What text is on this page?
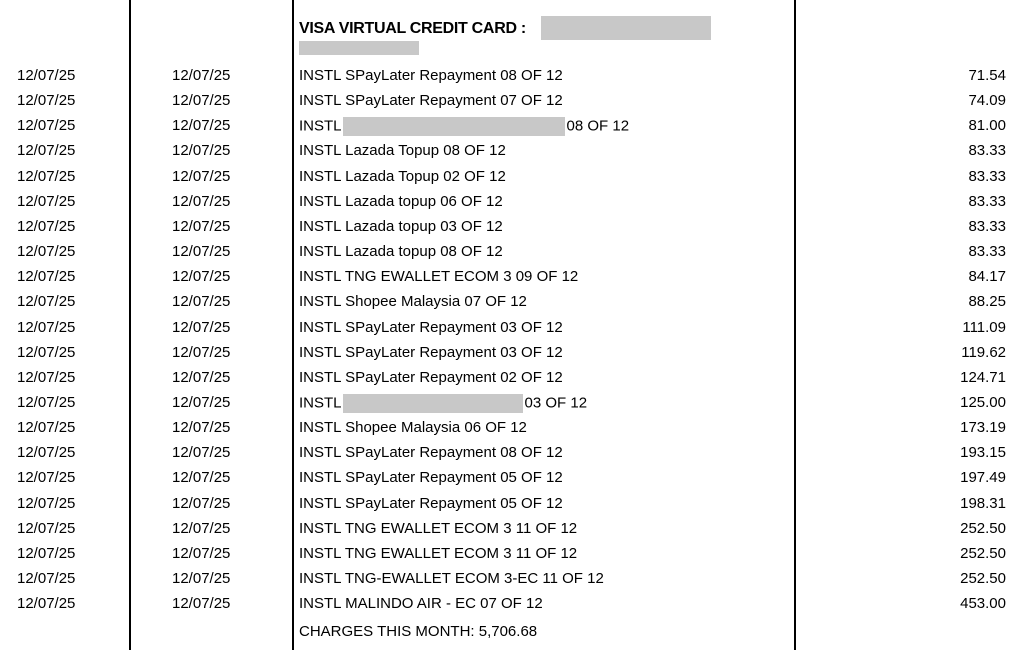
VISA VIRTUAL CREDIT CARD :
12/07/25	12/07/25	INSTL SPayLater Repayment 08 OF 12	71.54
12/07/25	12/07/25	INSTL SPayLater Repayment 07 OF 12	74.09
12/07/25	12/07/25	INSTL	08 OF 12	81.00
12/07/25	12/07/25	INSTL Lazada Topup 08 OF 12	83.33
12/07/25	12/07/25	INSTL Lazada Topup 02 OF 12	83.33
12/07/25	12/07/25	INSTL Lazada topup 06 OF 12	83.33
12/07/25	12/07/25	INSTL Lazada topup 03 OF 12	83.33
12/07/25	12/07/25	INSTL Lazada topup 08 OF 12	83.33
12/07/25	12/07/25	INSTL TNG EWALLET ECOM 3 09 OF 12	84.17
12/07/25	12/07/25	INSTL Shopee Malaysia 07 OF 12	88.25
12/07/25	12/07/25	INSTL SPayLater Repayment 03 OF 12	111.09
12/07/25	12/07/25	INSTL SPayLater Repayment 03 OF 12	119.62
12/07/25	12/07/25	INSTL SPayLater Repayment 02 OF 12	124.71
12/07/25	12/07/25	INSTL	03 OF 12	125.00
12/07/25	12/07/25	INSTL Shopee Malaysia 06 OF 12	173.19
12/07/25	12/07/25	INSTL SPayLater Repayment 08 OF 12	193.15
12/07/25	12/07/25	INSTL SPayLater Repayment 05 OF 12	197.49
12/07/25	12/07/25	INSTL SPayLater Repayment 05 OF 12	198.31
12/07/25	12/07/25	INSTL TNG EWALLET ECOM 3 11 OF 12	252.50
12/07/25	12/07/25	INSTL TNG EWALLET ECOM 3 11 OF 12	252.50
12/07/25	12/07/25	INSTL TNG-EWALLET ECOM 3-EC 11 OF 12	252.50
12/07/25	12/07/25	INSTL MALINDO AIR - EC 07 OF 12	453.00
CHARGES THIS MONTH: 5,706.68
